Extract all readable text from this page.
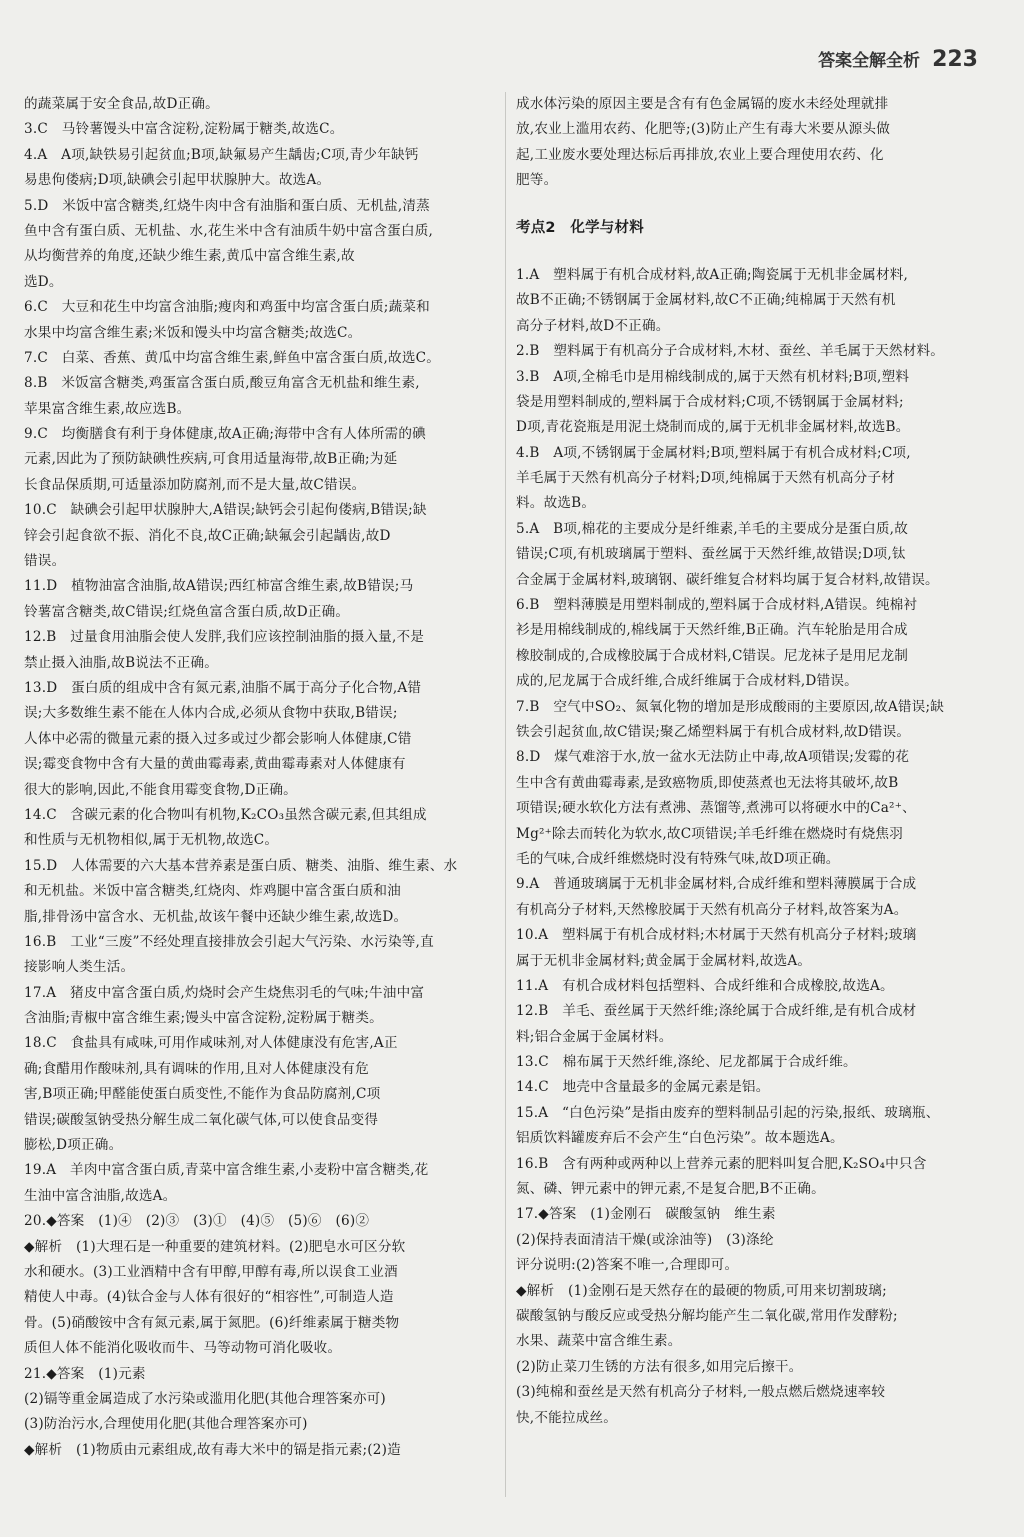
答案全解全析 223
的蔬菜属于安全食品,故D正确。
3.C　马铃薯馒头中富含淀粉,淀粉属于糖类,故选C。
4.A　A项,缺铁易引起贫血;B项,缺氟易产生龋齿;C项,青少年缺钙
易患佝偻病;D项,缺碘会引起甲状腺肿大。故选A。
5.D　米饭中富含糖类,红烧牛肉中含有油脂和蛋白质、无机盐,清蒸
鱼中含有蛋白质、无机盐、水,花生米中含有油质牛奶中富含蛋白质,
从均衡营养的角度,还缺少维生素,黄瓜中富含维生素,故
选D。
6.C　大豆和花生中均富含油脂;瘦肉和鸡蛋中均富含蛋白质;蔬菜和
水果中均富含维生素;米饭和馒头中均富含糖类;故选C。
7.C　白菜、香蕉、黄瓜中均富含维生素,鲜鱼中富含蛋白质,故选C。
8.B　米饭富含糖类,鸡蛋富含蛋白质,酸豆角富含无机盐和维生素,
苹果富含维生素,故应选B。
9.C　均衡膳食有利于身体健康,故A正确;海带中含有人体所需的碘
元素,因此为了预防缺碘性疾病,可食用适量海带,故B正确;为延
长食品保质期,可适量添加防腐剂,而不是大量,故C错误。
10.C　缺碘会引起甲状腺肿大,A错误;缺钙会引起佝偻病,B错误;缺
锌会引起食欲不振、消化不良,故C正确;缺氟会引起龋齿,故D
错误。
11.D　植物油富含油脂,故A错误;西红柿富含维生素,故B错误;马
铃薯富含糖类,故C错误;红烧鱼富含蛋白质,故D正确。
12.B　过量食用油脂会使人发胖,我们应该控制油脂的摄入量,不是
禁止摄入油脂,故B说法不正确。
13.D　蛋白质的组成中含有氮元素,油脂不属于高分子化合物,A错
误;大多数维生素不能在人体内合成,必须从食物中获取,B错误;
人体中必需的微量元素的摄入过多或过少都会影响人体健康,C错
误;霉变食物中含有大量的黄曲霉毒素,黄曲霉毒素对人体健康有
很大的影响,因此,不能食用霉变食物,D正确。
14.C　含碳元素的化合物叫有机物,K₂CO₃虽然含碳元素,但其组成
和性质与无机物相似,属于无机物,故选C。
15.D　人体需要的六大基本营养素是蛋白质、糖类、油脂、维生素、水
和无机盐。米饭中富含糖类,红烧肉、炸鸡腿中富含蛋白质和油
脂,排骨汤中富含水、无机盐,故该午餐中还缺少维生素,故选D。
16.B　工业“三废”不经处理直接排放会引起大气污染、水污染等,直
接影响人类生活。
17.A　猪皮中富含蛋白质,灼烧时会产生烧焦羽毛的气味;牛油中富
含油脂;青椒中富含维生素;馒头中富含淀粉,淀粉属于糖类。
18.C　食盐具有咸味,可用作咸味剂,对人体健康没有危害,A正
确;食醋用作酸味剂,具有调味的作用,且对人体健康没有危
害,B项正确;甲醛能使蛋白质变性,不能作为食品防腐剂,C项
错误;碳酸氢钠受热分解生成二氧化碳气体,可以使食品变得
膨松,D项正确。
19.A　羊肉中富含蛋白质,青菜中富含维生素,小麦粉中富含糖类,花
生油中富含油脂,故选A。
20.◆答案　(1)④　(2)③　(3)①　(4)⑤　(5)⑥　(6)②
◆解析　(1)大理石是一种重要的建筑材料。(2)肥皂水可区分软
水和硬水。(3)工业酒精中含有甲醇,甲醇有毒,所以误食工业酒
精使人中毒。(4)钛合金与人体有很好的“相容性”,可制造人造
骨。(5)硝酸铵中含有氮元素,属于氮肥。(6)纤维素属于糖类物
质但人体不能消化吸收而牛、马等动物可消化吸收。
21.◆答案　(1)元素
(2)镉等重金属造成了水污染或滥用化肥(其他合理答案亦可)
(3)防治污水,合理使用化肥(其他合理答案亦可)
◆解析　(1)物质由元素组成,故有毒大米中的镉是指元素;(2)造
成水体污染的原因主要是含有有色金属镉的废水未经处理就排
放,农业上滥用农药、化肥等;(3)防止产生有毒大米要从源头做
起,工业废水要处理达标后再排放,农业上要合理使用农药、化
肥等。
考点2　化学与材料
1.A　塑料属于有机合成材料,故A正确;陶瓷属于无机非金属材料,
故B不正确;不锈钢属于金属材料,故C不正确;纯棉属于天然有机
高分子材料,故D不正确。
2.B　塑料属于有机高分子合成材料,木材、蚕丝、羊毛属于天然材料。
3.B　A项,全棉毛巾是用棉线制成的,属于天然有机材料;B项,塑料
袋是用塑料制成的,塑料属于合成材料;C项,不锈钢属于金属材料;
D项,青花瓷瓶是用泥土烧制而成的,属于无机非金属材料,故选B。
4.B　A项,不锈钢属于金属材料;B项,塑料属于有机合成材料;C项,
羊毛属于天然有机高分子材料;D项,纯棉属于天然有机高分子材
料。故选B。
5.A　B项,棉花的主要成分是纤维素,羊毛的主要成分是蛋白质,故
错误;C项,有机玻璃属于塑料、蚕丝属于天然纤维,故错误;D项,钛
合金属于金属材料,玻璃钢、碳纤维复合材料均属于复合材料,故错误。
6.B　塑料薄膜是用塑料制成的,塑料属于合成材料,A错误。纯棉衬
衫是用棉线制成的,棉线属于天然纤维,B正确。汽车轮胎是用合成
橡胶制成的,合成橡胶属于合成材料,C错误。尼龙袜子是用尼龙制
成的,尼龙属于合成纤维,合成纤维属于合成材料,D错误。
7.B　空气中SO₂、氮氧化物的增加是形成酸雨的主要原因,故A错误;缺
铁会引起贫血,故C错误;聚乙烯塑料属于有机合成材料,故D错误。
8.D　煤气难溶于水,放一盆水无法防止中毒,故A项错误;发霉的花
生中含有黄曲霉毒素,是致癌物质,即使蒸煮也无法将其破坏,故B
项错误;硬水软化方法有煮沸、蒸馏等,煮沸可以将硬水中的Ca²⁺、
Mg²⁺除去而转化为软水,故C项错误;羊毛纤维在燃烧时有烧焦羽
毛的气味,合成纤维燃烧时没有特殊气味,故D项正确。
9.A　普通玻璃属于无机非金属材料,合成纤维和塑料薄膜属于合成
有机高分子材料,天然橡胶属于天然有机高分子材料,故答案为A。
10.A　塑料属于有机合成材料;木材属于天然有机高分子材料;玻璃
属于无机非金属材料;黄金属于金属材料,故选A。
11.A　有机合成材料包括塑料、合成纤维和合成橡胶,故选A。
12.B　羊毛、蚕丝属于天然纤维;涤纶属于合成纤维,是有机合成材
料;铝合金属于金属材料。
13.C　棉布属于天然纤维,涤纶、尼龙都属于合成纤维。
14.C　地壳中含量最多的金属元素是铝。
15.A　“白色污染”是指由废弃的塑料制品引起的污染,报纸、玻璃瓶、
铝质饮料罐废弃后不会产生“白色污染”。故本题选A。
16.B　含有两种或两种以上营养元素的肥料叫复合肥,K₂SO₄中只含
氮、磷、钾元素中的钾元素,不是复合肥,B不正确。
17.◆答案　(1)金刚石　碳酸氢钠　维生素
(2)保持表面清洁干燥(或涂油等)　(3)涤纶
评分说明:(2)答案不唯一,合理即可。
◆解析　(1)金刚石是天然存在的最硬的物质,可用来切割玻璃;
碳酸氢钠与酸反应或受热分解均能产生二氧化碳,常用作发酵粉;
水果、蔬菜中富含维生素。
(2)防止菜刀生锈的方法有很多,如用完后擦干。
(3)纯棉和蚕丝是天然有机高分子材料,一般点燃后燃烧速率较
快,不能拉成丝。
